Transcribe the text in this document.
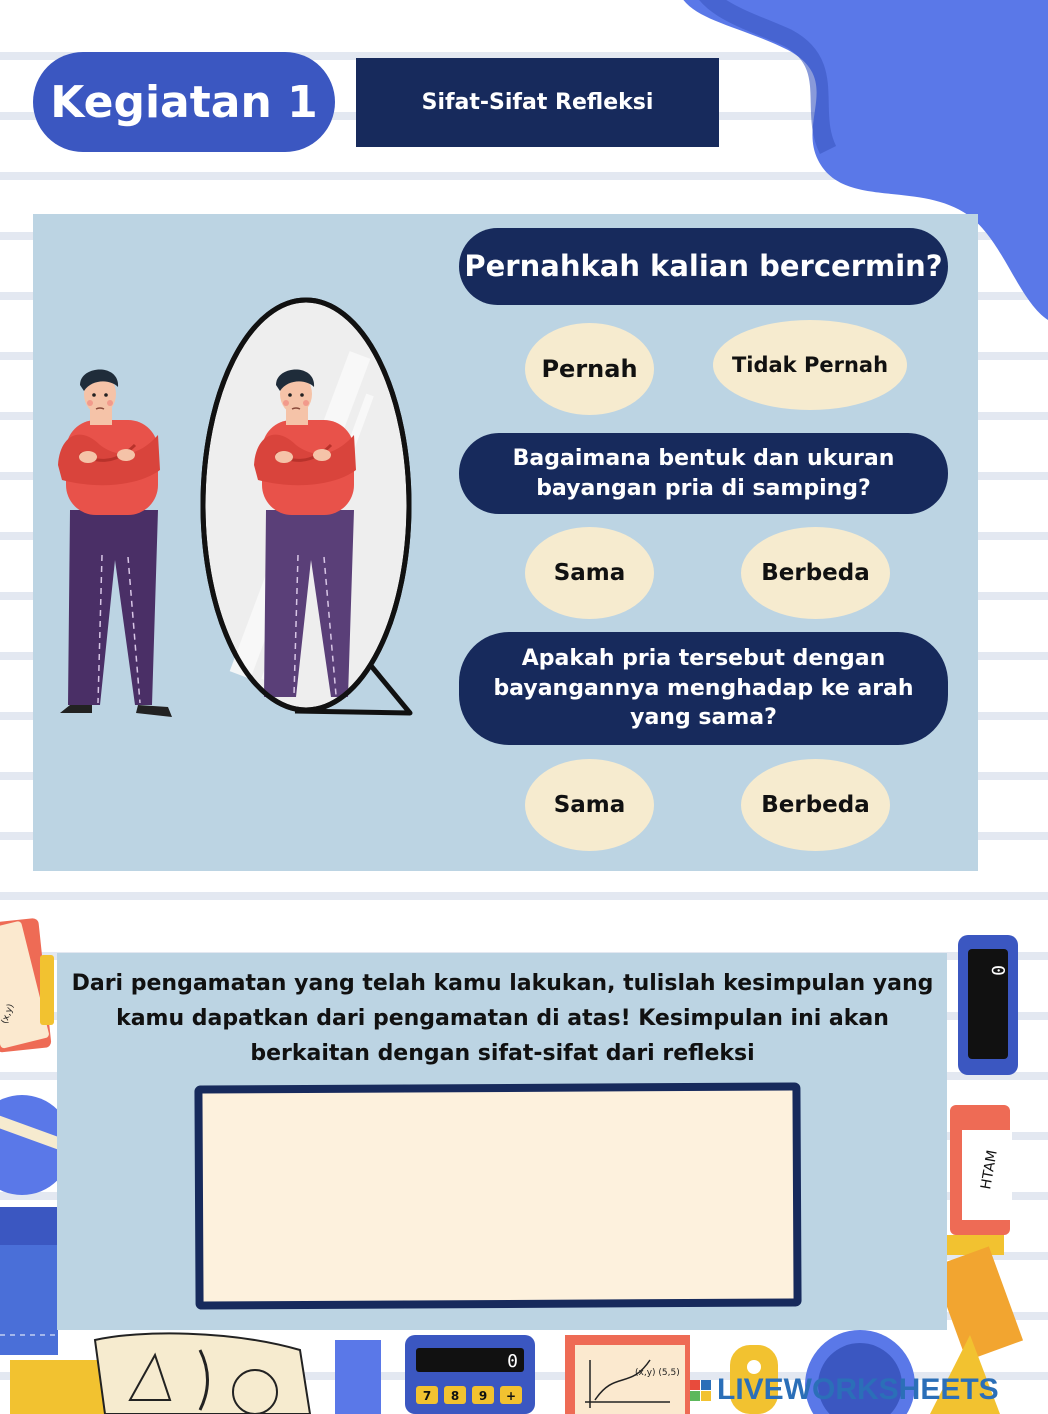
Kegiatan 1	Sifat-Sifat Refleksi
Pernahkah kalian bercermin?
Pernah	Tidak Pernah
Bagaimana bentuk dan ukuran bayangan pria di samping?
Sama	Berbeda
Apakah pria tersebut dengan bayangannya menghadap ke arah yang sama?
Sama	Berbeda
(x,y)
0
HTAM
0
7 8 9 +
(x,y) (5,5)
Dari pengamatan yang telah kamu lakukan, tulislah kesimpulan yang kamu dapatkan dari pengamatan di atas! Kesimpulan ini akan berkaitan dengan sifat-sifat dari refleksi
LIVEWORKSHEETS
